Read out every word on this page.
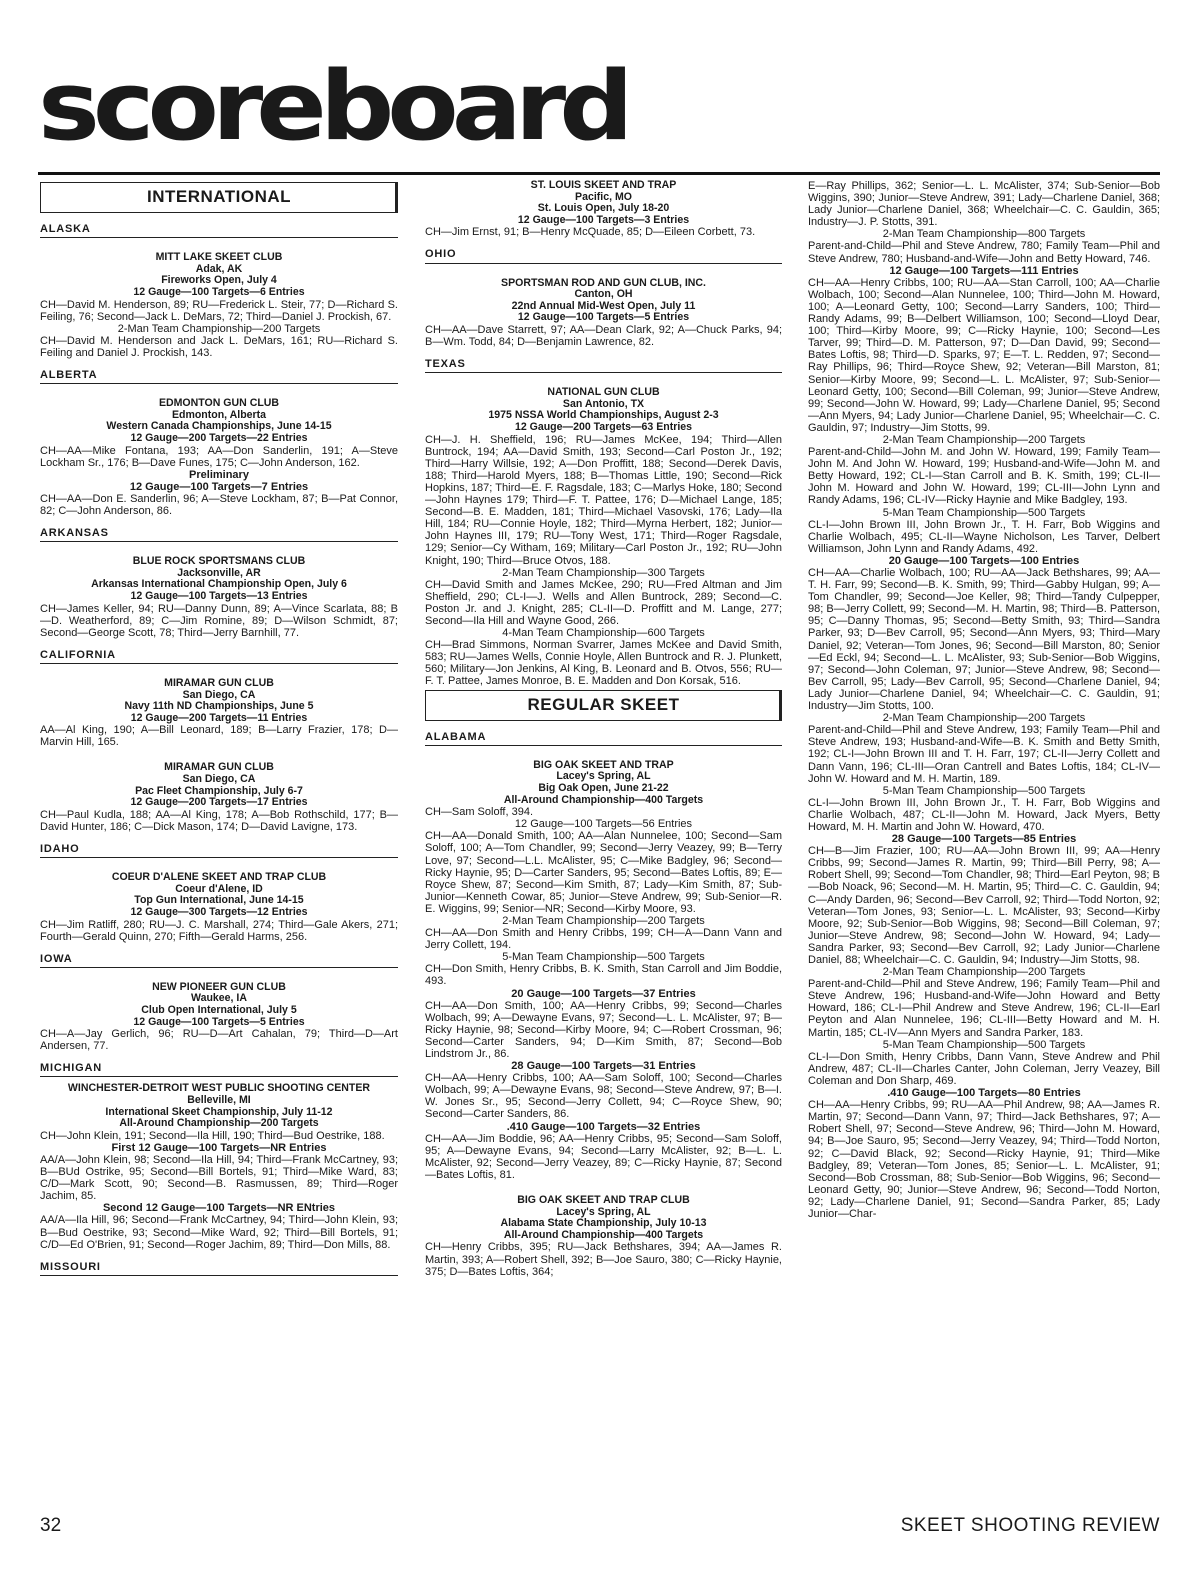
scoreboard
INTERNATIONAL
ALASKA
MITT LAKE SKEET CLUB
Adak, AK
Fireworks Open, July 4
12 Gauge—100 Targets—6 Entries
CH—David M. Henderson, 89; RU—Frederick L. Steir, 77; D—Richard S. Feiling, 76; Second—Jack L. DeMars, 72; Third—Daniel J. Prockish, 67.
2-Man Team Championship—200 Targets
CH—David M. Henderson and Jack L. DeMars, 161; RU—Richard S. Feiling and Daniel J. Prockish, 143.
ALBERTA
EDMONTON GUN CLUB
Edmonton, Alberta
Western Canada Championships, June 14-15
12 Gauge—200 Targets—22 Entries
CH—AA—Mike Fontana, 193; AA—Don Sanderlin, 191; A—Steve Lockham Sr., 176; B—Dave Funes, 175; C—John Anderson, 162.
Preliminary
12 Gauge—100 Targets—7 Entries
CH—AA—Don E. Sanderlin, 96; A—Steve Lockham, 87; B—Pat Connor, 82; C—John Anderson, 86.
ARKANSAS
BLUE ROCK SPORTSMANS CLUB
Jacksonville, AR
Arkansas International Championship Open, July 6
12 Gauge—100 Targets—13 Entries
CH—James Keller, 94; RU—Danny Dunn, 89; A—Vince Scarlata, 88; B—D. Weatherford, 89; C—Jim Romine, 89; D—Wilson Schmidt, 87; Second—George Scott, 78; Third—Jerry Barnhill, 77.
CALIFORNIA
MIRAMAR GUN CLUB
San Diego, CA
Navy 11th ND Championships, June 5
12 Gauge—200 Targets—11 Entries
AA—Al King, 190; A—Bill Leonard, 189; B—Larry Frazier, 178; D—Marvin Hill, 165.
MIRAMAR GUN CLUB
San Diego, CA
Pac Fleet Championship, July 6-7
12 Gauge—200 Targets—17 Entries
CH—Paul Kudla, 188; AA—Al King, 178; A—Bob Rothschild, 177; B—David Hunter, 186; C—Dick Mason, 174; D—David Lavigne, 173.
IDAHO
COEUR D'ALENE SKEET AND TRAP CLUB
Coeur d'Alene, ID
Top Gun International, June 14-15
12 Gauge—300 Targets—12 Entries
CH—Jim Ratliff, 280; RU—J. C. Marshall, 274; Third—Gale Akers, 271; Fourth—Gerald Quinn, 270; Fifth—Gerald Harms, 256.
IOWA
NEW PIONEER GUN CLUB
Waukee, IA
Club Open International, July 5
12 Gauge—100 Targets—5 Entries
CH—A—Jay Gerlich, 96; RU—D—Art Cahalan, 79; Third—D—Art Andersen, 77.
MICHIGAN
WINCHESTER-DETROIT WEST PUBLIC SHOOTING CENTER
Belleville, MI
International Skeet Championship, July 11-12
All-Around Championship—200 Targets
CH—John Klein, 191; Second—Ila Hill, 190; Third—Bud Oestrike, 188.
First 12 Gauge—100 Targets—NR Entries
AA/A—John Klein, 98; Second—Ila Hill, 94; Third—Frank McCartney, 93; B—BUd Ostrike, 95; Second—Bill Bortels, 91; Third—Mike Ward, 83; C/D—Mark Scott, 90; Second—B. Rasmussen, 89; Third—Roger Jachim, 85.
Second 12 Gauge—100 Targets—NR ENtries
AA/A—Ila Hill, 96; Second—Frank McCartney, 94; Third—John Klein, 93; B—Bud Oestrike, 93; Second—Mike Ward, 92; Third—Bill Bortels, 91; C/D—Ed O'Brien, 91; Second—Roger Jachim, 89; Third—Don Mills, 88.
MISSOURI
ST. LOUIS SKEET AND TRAP
Pacific, MO
St. Louis Open, July 18-20
12 Gauge—100 Targets—3 Entries
CH—Jim Ernst, 91; B—Henry McQuade, 85; D—Eileen Corbett, 73.
OHIO
SPORTSMAN ROD AND GUN CLUB, INC.
Canton, OH
22nd Annual Mid-West Open, July 11
12 Gauge—100 Targets—5 Entries
CH—AA—Dave Starrett, 97; AA—Dean Clark, 92; A—Chuck Parks, 94; B—Wm. Todd, 84; D—Benjamin Lawrence, 82.
TEXAS
NATIONAL GUN CLUB
San Antonio, TX
1975 NSSA World Championships, August 2-3
12 Gauge—200 Targets—63 Entries
CH—J. H. Sheffield, 196; RU—James McKee, 194; Third—Allen Buntrock, 194; AA—David Smith, 193; Second—Carl Poston Jr., 192; Third—Harry Willsie, 192; A—Don Proffitt, 188; Second—Derek Davis, 188; Third—Harold Myers, 188; B—Thomas Little, 190; Second—Rick Hopkins, 187; Third—E. F. Ragsdale, 183; C—Marlys Hoke, 180; Second—John Haynes 179; Third—F. T. Pattee, 176; D—Michael Lange, 185; Second—B. E. Madden, 181; Third—Michael Vasovski, 176; Lady—Ila Hill, 184; RU—Connie Hoyle, 182; Third—Myrna Herbert, 182; Junior—John Haynes III, 179; RU—Tony West, 171; Third—Roger Ragsdale, 129; Senior—Cy Witham, 169; Military—Carl Poston Jr., 192; RU—John Knight, 190; Third—Bruce Otvos, 188.
2-Man Team Championship—300 Targets
CH—David Smith and James McKee, 290; RU—Fred Altman and Jim Sheffield, 290; CL-I—J. Wells and Allen Buntrock, 289; Second—C. Poston Jr. and J. Knight, 285; CL-II—D. Proffitt and M. Lange, 277; Second—Ila Hill and Wayne Good, 266.
4-Man Team Championship—600 Targets
CH—Brad Simmons, Norman Svarrer, James McKee and David Smith, 583; RU—James Wells, Connie Hoyle, Allen Buntrock and R. J. Plunkett, 560; Military—Jon Jenkins, Al King, B. Leonard and B. Otvos, 556; RU—F. T. Pattee, James Monroe, B. E. Madden and Don Korsak, 516.
REGULAR SKEET
ALABAMA
BIG OAK SKEET AND TRAP
Lacey's Spring, AL
Big Oak Open, June 21-22
All-Around Championship—400 Targets
CH—Sam Soloff, 394.
12 Gauge—100 Targets—56 Entries
CH—AA—Donald Smith, 100; AA—Alan Nunnelee, 100; Second—Sam Soloff, 100; A—Tom Chandler, 99; Second—Jerry Veazey, 99; B—Terry Love, 97; Second—L.L. McAlister, 95; C—Mike Badgley, 96; Second—Ricky Haynie, 95; D—Carter Sanders, 95; Second—Bates Loftis, 89; E—Royce Shew, 87; Second—Kim Smith, 87; Lady—Kim Smith, 87; Sub-Junior—Kenneth Cowar, 85; Junior—Steve Andrew, 99; Sub-Senior—R. E. Wiggins, 99; Senior—NR; Second—Kirby Moore, 93.
2-Man Team Championship—200 Targets
CH—AA—Don Smith and Henry Cribbs, 199; CH—A—Dann Vann and Jerry Collett, 194.
5-Man Team Championship—500 Targets
CH—Don Smith, Henry Cribbs, B. K. Smith, Stan Carroll and Jim Boddie, 493.
20 Gauge—100 Targets—37 Entries
CH—AA—Don Smith, 100; AA—Henry Cribbs, 99; Second—Charles Wolbach, 99; A—Dewayne Evans, 97; Second—L. L. McAlister, 97; B—Ricky Haynie, 98; Second—Kirby Moore, 94; C—Robert Crossman, 96; Second—Carter Sanders, 94; D—Kim Smith, 87; Second—Bob Lindstrom Jr., 86.
28 Gauge—100 Targets—31 Entries
CH—AA—Henry Cribbs, 100; AA—Sam Soloff, 100; Second—Charles Wolbach, 99; A—Dewayne Evans, 98; Second—Steve Andrew, 97; B—I. W. Jones Sr., 95; Second—Jerry Collett, 94; C—Royce Shew, 90; Second—Carter Sanders, 86.
.410 Gauge—100 Targets—32 Entries
CH—AA—Jim Boddie, 96; AA—Henry Cribbs, 95; Second—Sam Soloff, 95; A—Dewayne Evans, 94; Second—Larry McAlister, 92; B—L. L. McAlister, 92; Second—Jerry Veazey, 89; C—Ricky Haynie, 87; Second—Bates Loftis, 81.
BIG OAK SKEET AND TRAP CLUB
Lacey's Spring, AL
Alabama State Championship, July 10-13
All-Around Championship—400 Targets
CH—Henry Cribbs, 395; RU—Jack Bethshares, 394; AA—James R. Martin, 393; A—Robert Shell, 392; B—Joe Sauro, 380; C—Ricky Haynie, 375; D—Bates Loftis, 364;
E—Ray Phillips, 362; Senior—L. L. McAlister, 374; Sub-Senior—Bob Wiggins, 390; Junior—Steve Andrew, 391; Lady—Charlene Daniel, 368; Lady Junior—Charlene Daniel, 368; Wheelchair—C. C. Gauldin, 365; Industry—J. P. Stotts, 391.
2-Man Team Championship—800 Targets
Parent-and-Child—Phil and Steve Andrew, 780; Family Team—Phil and Steve Andrew, 780; Husband-and-Wife—John and Betty Howard, 746.
12 Gauge—100 Targets—111 Entries
CH—AA—Henry Cribbs, 100; RU—AA—Stan Carroll, 100; AA—Charlie Wolbach, 100; Second—Alan Nunnelee, 100; Third—John M. Howard, 100; A—Leonard Getty, 100; Second—Larry Sanders, 100; Third—Randy Adams, 99; B—Delbert Williamson, 100; Second—Lloyd Dear, 100; Third—Kirby Moore, 99; C—Ricky Haynie, 100; Second—Les Tarver, 99; Third—D. M. Patterson, 97; D—Dan David, 99; Second—Bates Loftis, 98; Third—D. Sparks, 97; E—T. L. Redden, 97; Second—Ray Phillips, 96; Third—Royce Shew, 92; Veteran—Bill Marston, 81; Senior—Kirby Moore, 99; Second—L. L. McAlister, 97; Sub-Senior—Leonard Getty, 100; Second—Bill Coleman, 99; Junior—Steve Andrew, 99; Second—John W. Howard, 99; Lady—Charlene Daniel, 95; Second—Ann Myers, 94; Lady Junior—Charlene Daniel, 95; Wheelchair—C. C. Gauldin, 97; Industry—Jim Stotts, 99.
2-Man Team Championship—200 Targets
Parent-and-Child—John M. and John W. Howard, 199; Family Team—John M. And John W. Howard, 199; Husband-and-Wife—John M. and Betty Howard, 192; CL-I—Stan Carroll and B. K. Smith, 199; CL-II—John M. Howard and John W. Howard, 199; CL-III—John Lynn and Randy Adams, 196; CL-IV—Ricky Haynie and Mike Badgley, 193.
5-Man Team Championship—500 Targets
CL-I—John Brown III, John Brown Jr., T. H. Farr, Bob Wiggins and Charlie Wolbach, 495; CL-II—Wayne Nicholson, Les Tarver, Delbert Williamson, John Lynn and Randy Adams, 492.
20 Gauge—100 Targets—100 Entries
CH—AA—Charlie Wolbach, 100; RU—AA—Jack Bethshares, 99; AA—T. H. Farr, 99; Second—B. K. Smith, 99; Third—Gabby Hulgan, 99; A—Tom Chandler, 99; Second—Joe Keller, 98; Third—Tandy Culpepper, 98; B—Jerry Collett, 99; Second—M. H. Martin, 98; Third—B. Patterson, 95; C—Danny Thomas, 95; Second—Betty Smith, 93; Third—Sandra Parker, 93; D—Bev Carroll, 95; Second—Ann Myers, 93; Third—Mary Daniel, 92; Veteran—Tom Jones, 96; Second—Bill Marston, 80; Senior—Ed Eckl, 94; Second—L. L. McAlister, 93; Sub-Senior—Bob Wiggins, 97; Second—John Coleman, 97; Junior—Steve Andrew, 98; Second—Bev Carroll, 95; Lady—Bev Carroll, 95; Second—Charlene Daniel, 94; Lady Junior—Charlene Daniel, 94; Wheelchair—C. C. Gauldin, 91; Industry—Jim Stotts, 100.
2-Man Team Championship—200 Targets
Parent-and-Child—Phil and Steve Andrew, 193; Family Team—Phil and Steve Andrew, 193; Husband-and-Wife—B. K. Smith and Betty Smith, 192; CL-I—John Brown III and T. H. Farr, 197; CL-II—Jerry Collett and Dann Vann, 196; CL-III—Oran Cantrell and Bates Loftis, 184; CL-IV—John W. Howard and M. H. Martin, 189.
5-Man Team Championship—500 Targets
CL-I—John Brown III, John Brown Jr., T. H. Farr, Bob Wiggins and Charlie Wolbach, 487; CL-II—John M. Howard, Jack Myers, Betty Howard, M. H. Martin and John W. Howard, 470.
28 Gauge—100 Targets—85 Entries
CH—B—Jim Frazier, 100; RU—AA—John Brown III, 99; AA—Henry Cribbs, 99; Second—James R. Martin, 99; Third—Bill Perry, 98; A—Robert Shell, 99; Second—Tom Chandler, 98; Third—Earl Peyton, 98; B—Bob Noack, 96; Second—M. H. Martin, 95; Third—C. C. Gauldin, 94; C—Andy Darden, 96; Second—Bev Carroll, 92; Third—Todd Norton, 92; Veteran—Tom Jones, 93; Senior—L. L. McAlister, 93; Second—Kirby Moore, 92; Sub-Senior—Bob Wiggins, 98; Second—Bill Coleman, 97; Junior—Steve Andrew, 98; Second—John W. Howard, 94; Lady—Sandra Parker, 93; Second—Bev Carroll, 92; Lady Junior—Charlene Daniel, 88; Wheelchair—C. C. Gauldin, 94; Industry—Jim Stotts, 98.
2-Man Team Championship—200 Targets
Parent-and-Child—Phil and Steve Andrew, 196; Family Team—Phil and Steve Andrew, 196; Husband-and-Wife—John Howard and Betty Howard, 186; CL-I—Phil Andrew and Steve Andrew, 196; CL-II—Earl Peyton and Alan Nunnelee, 196; CL-III—Betty Howard and M. H. Martin, 185; CL-IV—Ann Myers and Sandra Parker, 183.
5-Man Team Championship—500 Targets
CL-I—Don Smith, Henry Cribbs, Dann Vann, Steve Andrew and Phil Andrew, 487; CL-II—Charles Canter, John Coleman, Jerry Veazey, Bill Coleman and Don Sharp, 469.
.410 Gauge—100 Targets—80 Entries
CH—AA—Henry Cribbs, 99; RU—AA—Phil Andrew, 98; AA—James R. Martin, 97; Second—Dann Vann, 97; Third—Jack Bethshares, 97; A—Robert Shell, 97; Second—Steve Andrew, 96; Third—John M. Howard, 94; B—Joe Sauro, 95; Second—Jerry Veazey, 94; Third—Todd Norton, 92; C—David Black, 92; Second—Ricky Haynie, 91; Third—Mike Badgley, 89; Veteran—Tom Jones, 85; Senior—L. L. McAlister, 91; Second—Bob Crossman, 88; Sub-Senior—Bob Wiggins, 96; Second—Leonard Getty, 90; Junior—Steve Andrew, 96; Second—Todd Norton, 92; Lady—Charlene Daniel, 91; Second—Sandra Parker, 85; Lady Junior—Char-
32	SKEET SHOOTING REVIEW
